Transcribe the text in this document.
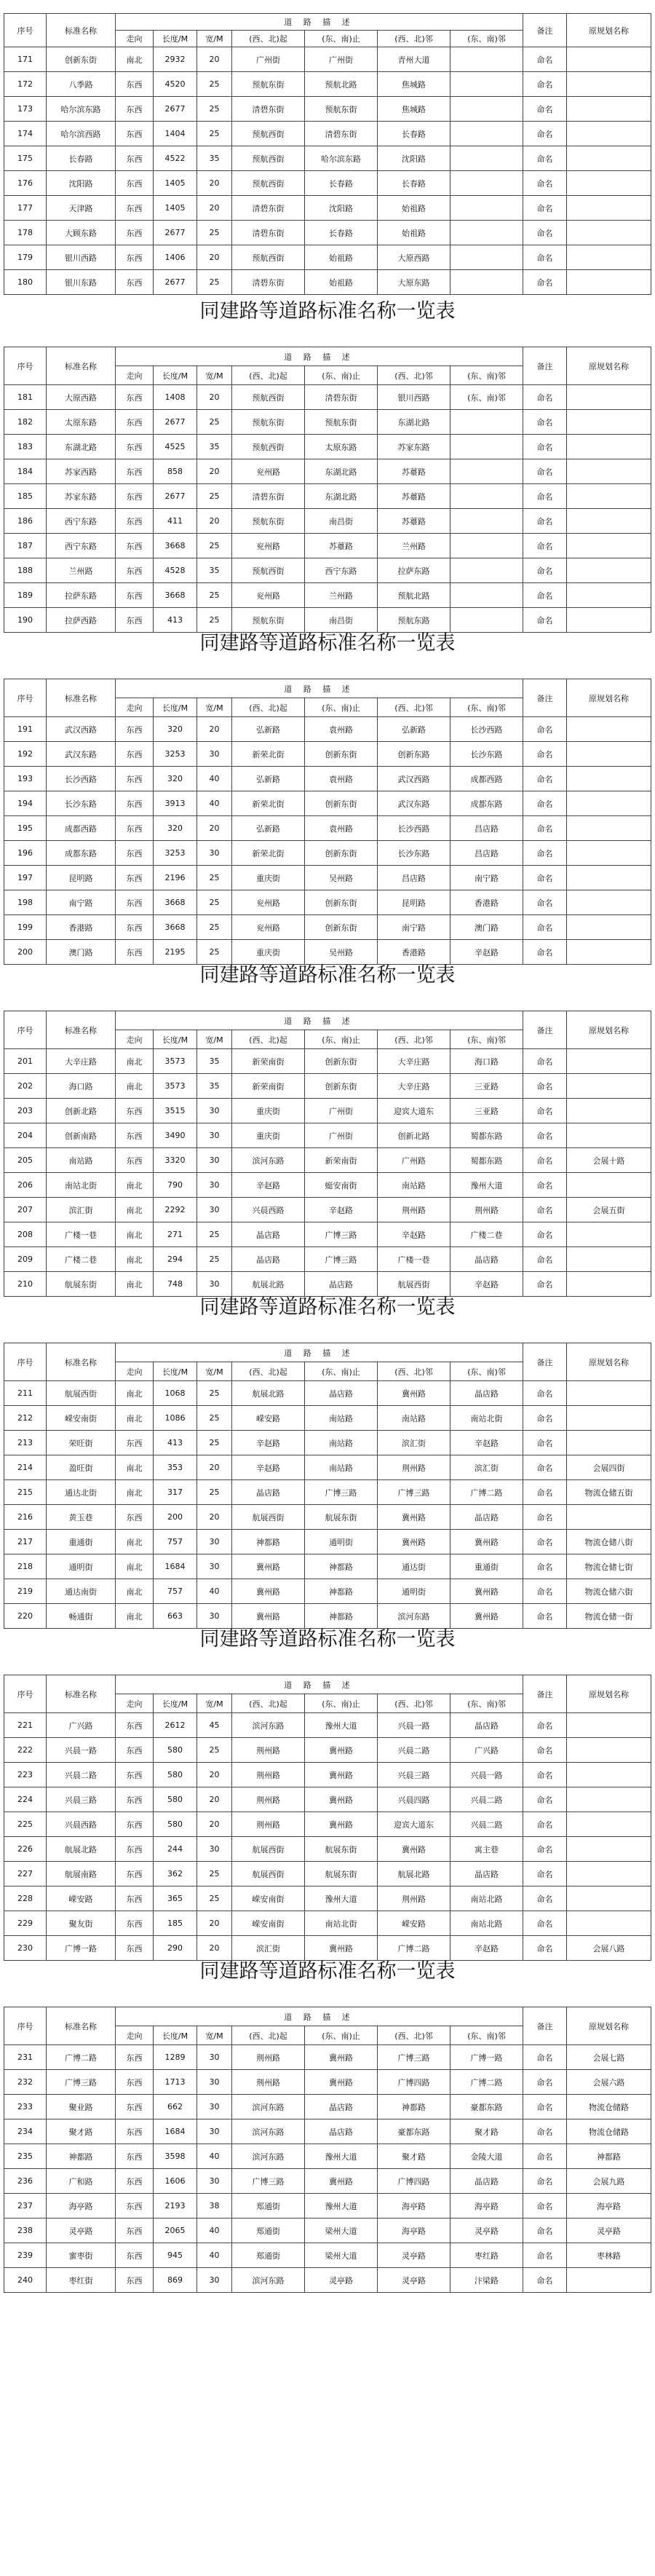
序号	标准名称	道 路 描 述							备注	原规划名称
		走向	长度/M	宽/M	(西、北)起	(东、南)止	(西、北)邻	(东、南)邻		
171	创新东街	南北	2932	20	广州街	广州街	青州大道		命名	
172	八季路	东西	4520	25	预航东街	预航北路	焦城路		命名	
173	哈尔滨东路	东西	2677	25	清碧东街	预航东街	焦城路		命名	
174	哈尔滨西路	东西	1404	25	预航西街	清碧东街	长春路		命名	
175	长春路	东西	4522	35	预航西街	哈尔滨东路	沈阳路		命名	
176	沈阳路	东西	1405	20	预航西街	长春路	长春路		命名	
177	天津路	东西	1405	20	清碧东街	沈阳路	始祖路		命名	
178	大顾东路	东西	2677	25	清碧东街	长春路	始祖路		命名	
179	银川西路	东西	1406	20	预航西街	始祖路	大原西路		命名	
180	银川东路	东西	2677	25	清碧东街	始祖路	大原东路		命名	
同建路等道路标准名称一览表
序号	标准名称	道 路 描 述							备注	原规划名称
		走向	长度/M	宽/M	(西、北)起	(东、南)止	(西、北)邻	(东、南)邻		
181	大原西路	东西	1408	20	预航西街	清碧东街	银川西路	(东、南)邻	命名	
182	太原东路	东西	2677	25	预航东街	预航东街	东湖北路		命名	
183	东湖北路	东西	4525	35	预航西街	太原东路	苏家东路		命名	
184	苏家西路	东西	858	20	兖州路	东湖北路	苏薹路		命名	
185	苏家东路	东西	2677	25	清碧东街	东湖北路	苏薹路		命名	
186	西宁东路	东西	411	20	预航东街	南昌街	苏薹路		命名	
187	西宁东路	东西	3668	25	兖州路	苏薹路	兰州路		命名	
188	兰州路	东西	4528	35	预航西街	西宁东路	拉萨东路		命名	
189	拉萨东路	东西	3668	25	兖州路	兰州路	预航北路		命名	
190	拉萨西路	东西	413	25	预航东街	南昌街	预航东路		命名	
同建路等道路标准名称一览表
序号	标准名称	道 路 描 述							备注	原规划名称
		走向	长度/M	宽/M	(西、北)起	(东、南)止	(西、北)邻	(东、南)邻		
191	武汉西路	东西	320	20	弘新路	袁州路	弘新路	长沙西路	命名	
192	武汉东路	东西	3253	30	新荣北街	创新东街	创新东路	长沙东路	命名	
193	长沙西路	东西	320	40	弘新路	袁州路	武汉西路	成都西路	命名	
194	长沙东路	东西	3913	40	新荣北街	创新东街	武汉东路	成都东路	命名	
195	成都西路	东西	320	20	弘新路	袁州路	长沙西路	昌店路	命名	
196	成都东路	东西	3253	30	新荣北街	创新东街	长沙东路	昌店路	命名	
197	昆明路	东西	2196	25	重庆街	吴州路	昌店路	南宁路	命名	
198	南宁路	东西	3668	25	兖州路	创新东街	昆明路	香港路	命名	
199	香港路	东西	3668	25	兖州路	创新东街	南宁路	澳门路	命名	
200	澳门路	东西	2195	25	重庆街	吴州路	香港路	辛赵路	命名	
同建路等道路标准名称一览表
序号	标准名称	道 路 描 述							备注	原规划名称
		走向	长度/M	宽/M	(西、北)起	(东、南)止	(西、北)邻	(东、南)邻		
201	大辛庄路	南北	3573	35	新荣南街	创新东街	大辛庄路	海口路	命名	
202	海口路	南北	3573	35	新荣南街	创新东街	大辛庄路	三亚路	命名	
203	创新北路	东西	3515	30	重庆街	广州街	迎宾大道东	三亚路	命名	
204	创新南路	东西	3490	30	重庆街	广州街	创新北路	蜀都东路	命名	
205	南站路	东西	3320	30	滨河东路	新荣南街	广州路	蜀都东路	命名	会展十路
206	南站北街	南北	790	30	辛赵路	蜓安南街	南站路	豫州大道	命名	
207	滨汇街	南北	2292	30	兴晨西路	辛赵路	荆州路	荆州路	命名	会展五街
208	广楼一巷	南北	271	25	晶店路	广博三路	辛赵路	广楼二巷	命名	
209	广楼二巷	南北	294	25	晶店路	广博三路	广楼一巷	晶店路	命名	
210	航展东街	南北	748	30	航展北路	晶店路	航展西街	辛赵路	命名	
同建路等道路标准名称一览表
序号	标准名称	道 路 描 述							备注	原规划名称
		走向	长度/M	宽/M	(西、北)起	(东、南)止	(西、北)邻	(东、南)邻		
211	航展西街	南北	1068	25	航展北路	晶店路	冀州路	晶店路	命名	
212	嵘安南街	南北	1086	25	嵘安路	南站路	南站路	南站北街	命名	
213	荣旺街	东西	413	25	辛赵路	南站路	滨汇街	辛赵路	命名	
214	盈旺街	南北	353	20	辛赵路	南站路	荆州路	滨汇街	命名	会展四街
215	通达北街	南北	317	25	晶店路	广博三路	广博三路	广博二路	命名	物流仓储五街
216	黄玉巷	东西	200	20	航展西街	航展东街	冀州路	晶店路	命名	
217	重通街	南北	757	30	神都路	通明街	冀州路	冀州路	命名	物流仓储八街
218	通明街	南北	1684	30	冀州路	神都路	通达街	重通街	命名	物流仓储七街
219	通达南街	南北	757	40	冀州路	神都路	通明街	冀州路	命名	物流仓储六街
220	畅通街	南北	663	30	冀州路	神都路	滨河东路	冀州路	命名	物流仓储一街
同建路等道路标准名称一览表
序号	标准名称	道 路 描 述							备注	原规划名称
		走向	长度/M	宽/M	(西、北)起	(东、南)止	(西、北)邻	(东、南)邻		
221	广兴路	东西	2612	45	滨河东路	豫州大道	兴晨一路	晶店路	命名	
222	兴晨一路	东西	580	25	荆州路	冀州路	兴晨二路	广兴路	命名	
223	兴晨二路	东西	580	20	荆州路	冀州路	兴晨三路	兴晨一路	命名	
224	兴晨三路	东西	580	20	荆州路	冀州路	兴晨四路	兴晨二路	命名	
225	兴晨西路	东西	580	20	荆州路	冀州路	迎宾大道东	兴晨二路	命名	
226	航展北路	东西	244	30	航展西街	航展东街	冀州路	寓主巷	命名	
227	航展南路	东西	362	25	航展西街	航展东街	航展北路	晶店路	命名	
228	嵘安路	东西	365	25	嵘安南街	豫州大道	荆州路	南站北路	命名	
229	聚友街	东西	185	20	嵘安南街	南站北街	嵘安路	南站北路	命名	
230	广博一路	东西	290	20	滨汇街	冀州路	广博二路	辛赵路	命名	会展八路
同建路等道路标准名称一览表
序号	标准名称	道 路 描 述							备注	原规划名称
		走向	长度/M	宽/M	(西、北)起	(东、南)止	(西、北)邻	(东、南)邻		
231	广博二路	东西	1289	30	荆州路	冀州路	广博三路	广博一路	命名	会展七路
232	广博三路	东西	1713	30	荆州路	冀州路	广博四路	广博二路	命名	会展六路
233	聚业路	东西	662	30	滨河东路	晶店路	神都路	豪都东路	命名	物流仓储路
234	聚才路	东西	1684	30	滨河东路	晶店路	豪都东路	聚才路	命名	物流仓储路
235	神都路	东西	3598	40	滨河东路	豫州大道	聚才路	金陵大道	命名	神都路
236	广和路	东西	1606	30	广博三路	冀州路	广博四路	晶店路	命名	会展九路
237	海亭路	东西	2193	38	郑通街	豫州大道	海亭路	海亭路	命名	海亭路
238	灵亭路	东西	2065	40	郑通街	梁州大道	海亭路	灵亭路	命名	灵亭路
239	蜜枣街	东西	945	40	郑通街	梁州大道	灵亭路	枣红路	命名	枣林路
240	枣红街	东西	869	30	滨河东路	灵亭路	灵亭路	汴梁路	命名	
